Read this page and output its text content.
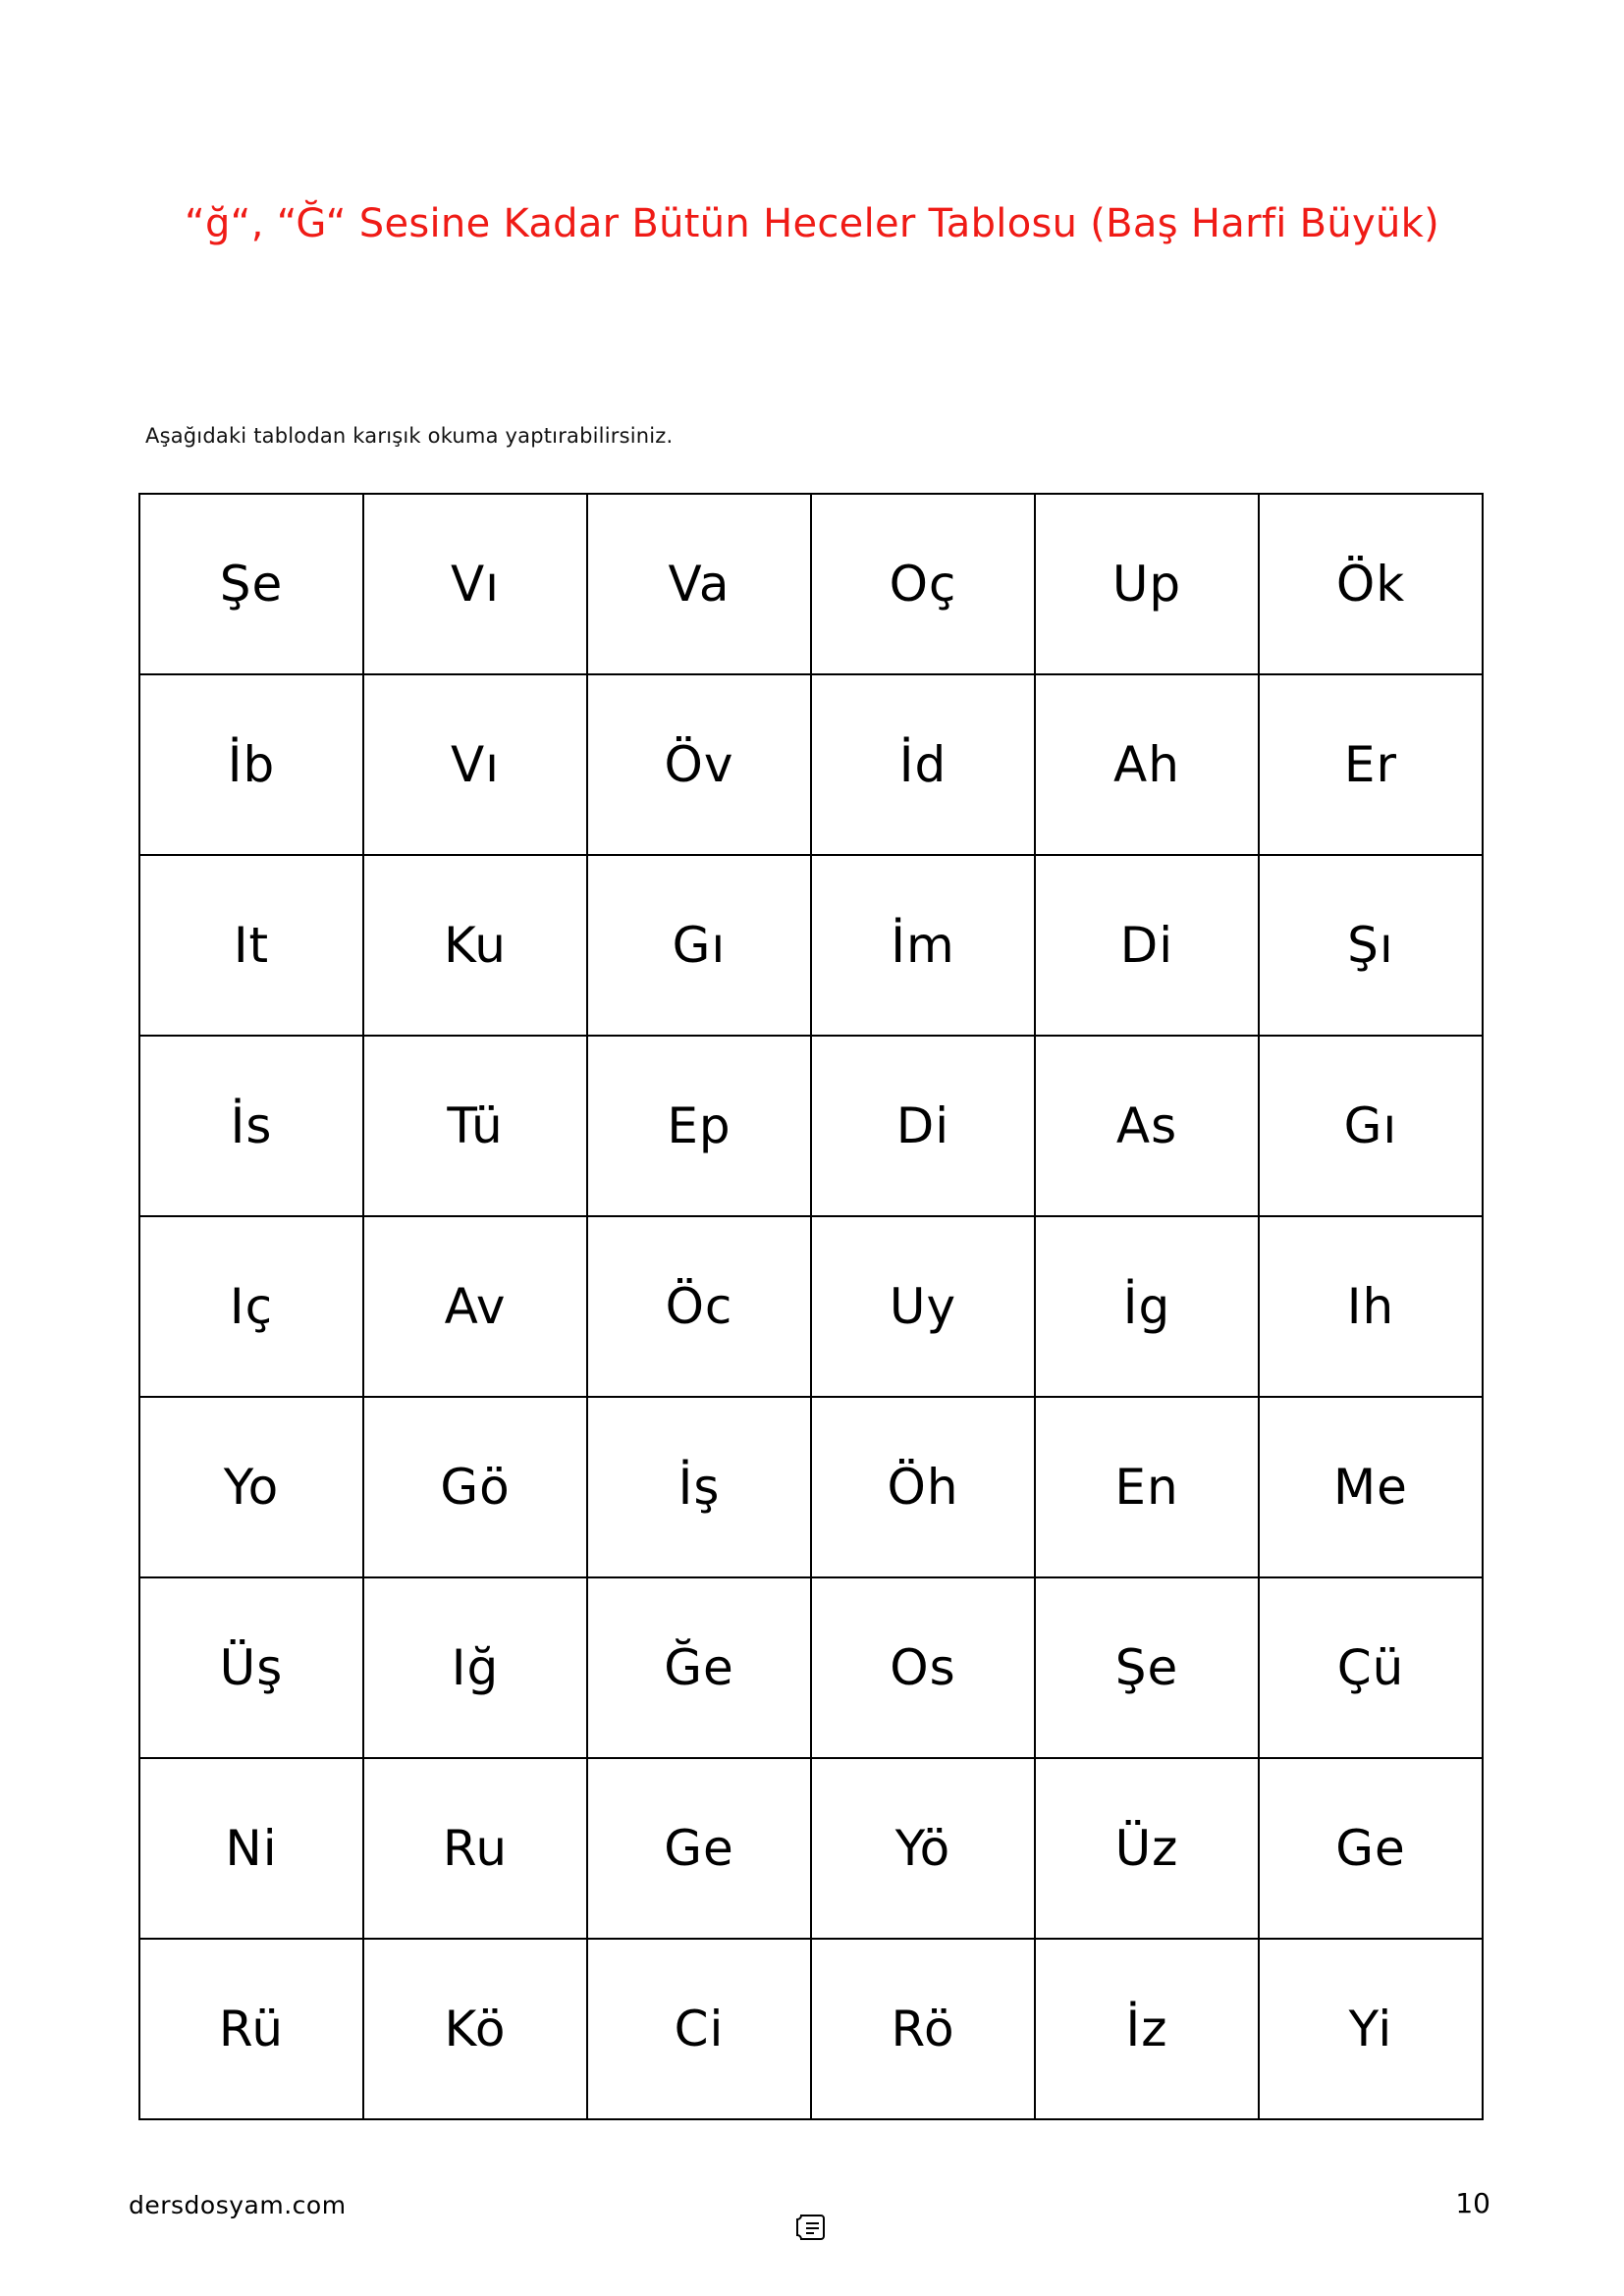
“ğ“, “Ğ“ Sesine Kadar Bütün Heceler Tablosu (Baş Harfi Büyük)
Aşağıdaki tablodan karışık okuma yaptırabilirsiniz.
Şe	Vı	Va	Oç	Up	Ök
İb	Vı	Öv	İd	Ah	Er
It	Ku	Gı	İm	Di	Şı
İs	Tü	Ep	Di	As	Gı
Iç	Av	Öc	Uy	İg	Ih
Yo	Gö	İş	Öh	En	Me
Üş	Iğ	Ğe	Os	Şe	Çü
Ni	Ru	Ge	Yö	Üz	Ge
Rü	Kö	Ci	Rö	İz	Yi
dersdosyam.com	10
